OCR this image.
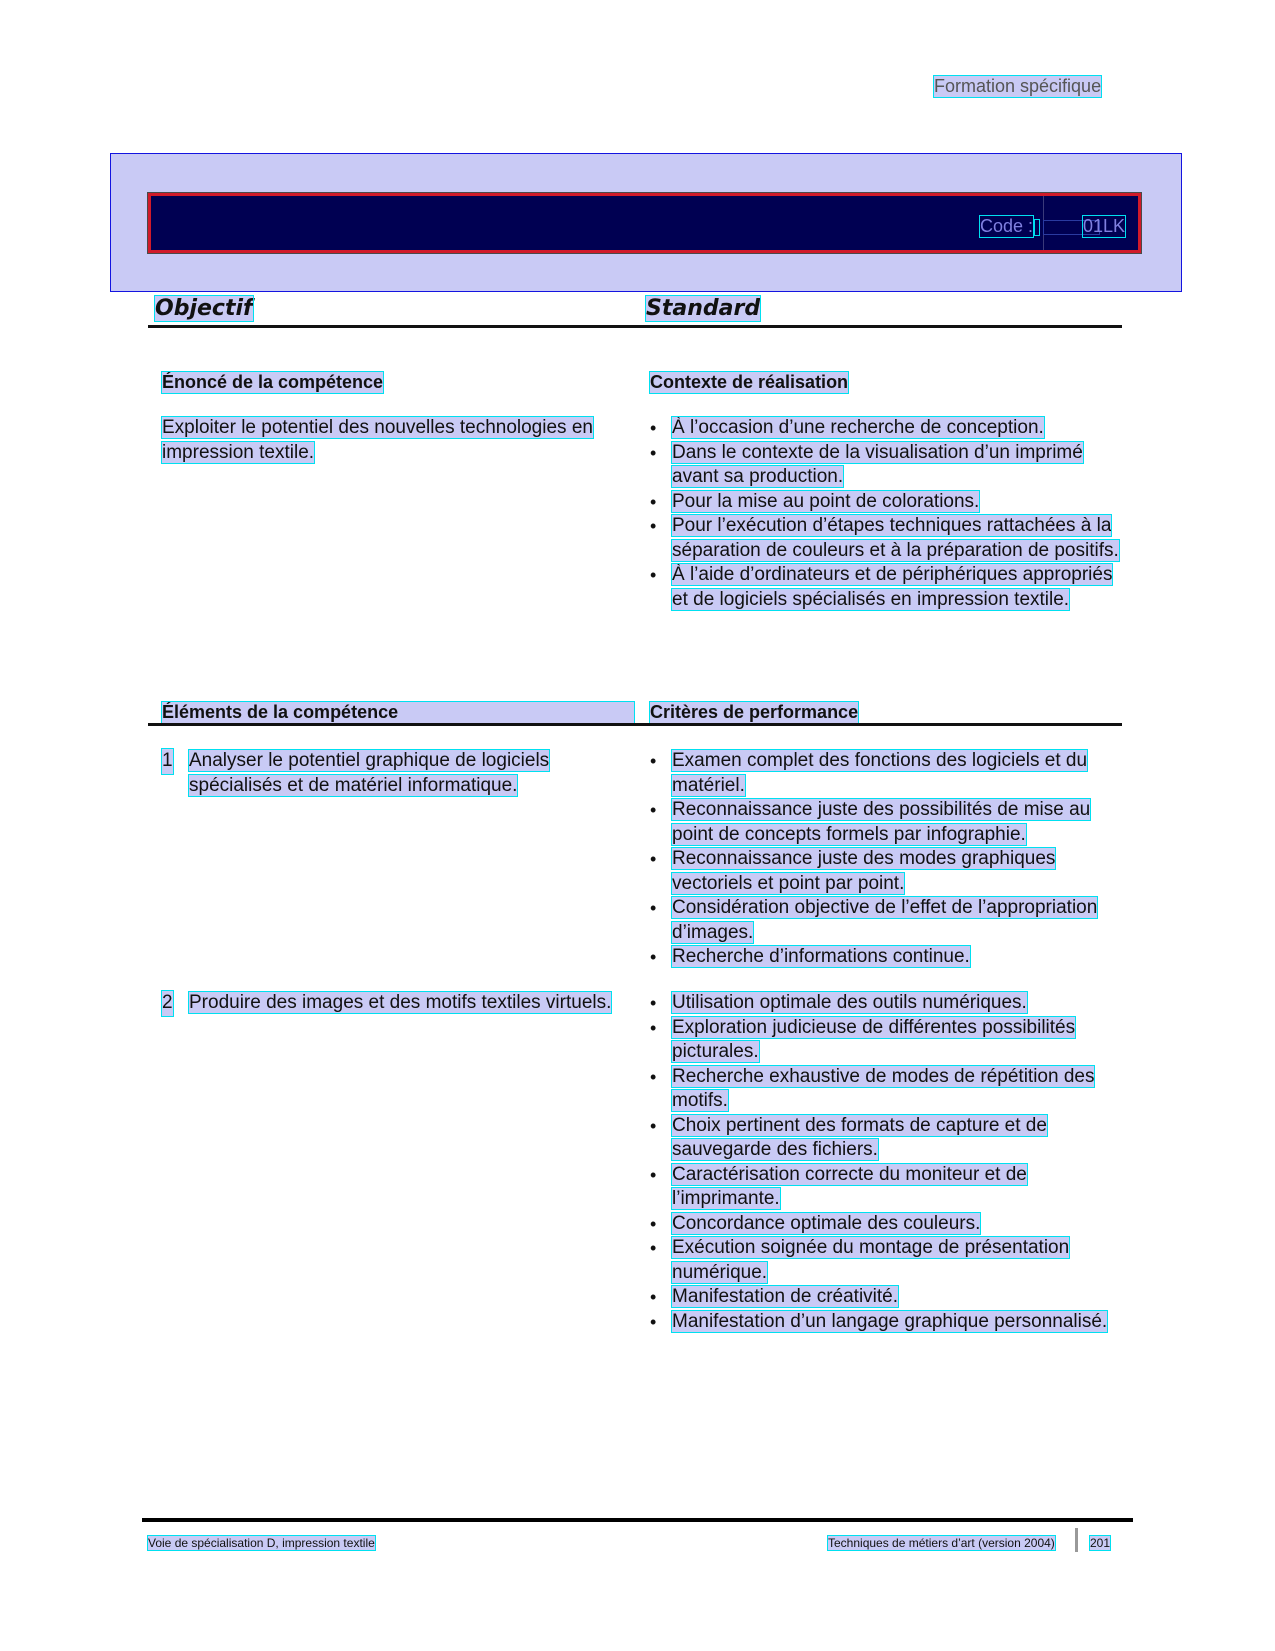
Formation spécifique
Code :	01LK
Objectif	Standard
Énoncé de la compétence	Contexte de réalisation
Exploiter le potentiel des nouvelles technologies en impression textile.
• À l’occasion d’une recherche de conception.
• Dans le contexte de la visualisation d’un imprimé avant sa production.
• Pour la mise au point de colorations.
• Pour l’exécution d’étapes techniques rattachées à la séparation de couleurs et à la préparation de positifs.
• À l’aide d’ordinateurs et de périphériques appropriés et de logiciels spécialisés en impression textile.
Éléments de la compétence	Critères de performance
1 Analyser le potentiel graphique de logiciels spécialisés et de matériel informatique.
• Examen complet des fonctions des logiciels et du matériel.
• Reconnaissance juste des possibilités de mise au point de concepts formels par infographie.
• Reconnaissance juste des modes graphiques vectoriels et point par point.
• Considération objective de l’effet de l’appropriation d’images.
• Recherche d’informations continue.
2 Produire des images et des motifs textiles virtuels.
•	Utilisation optimale des outils numériques.
• Exploration judicieuse de différentes possibilités picturales.
• Recherche exhaustive de modes de répétition des motifs.
• Choix pertinent des formats de capture et de sauvegarde des fichiers.
• Caractérisation correcte du moniteur et de l’imprimante.
• Concordance optimale des couleurs.
• Exécution soignée du montage de présentation numérique.
• Manifestation de créativité.
• Manifestation d’un langage graphique personnalisé.
Voie de spécialisation D, impression textile	Techniques de métiers d’art (version 2004)	201
